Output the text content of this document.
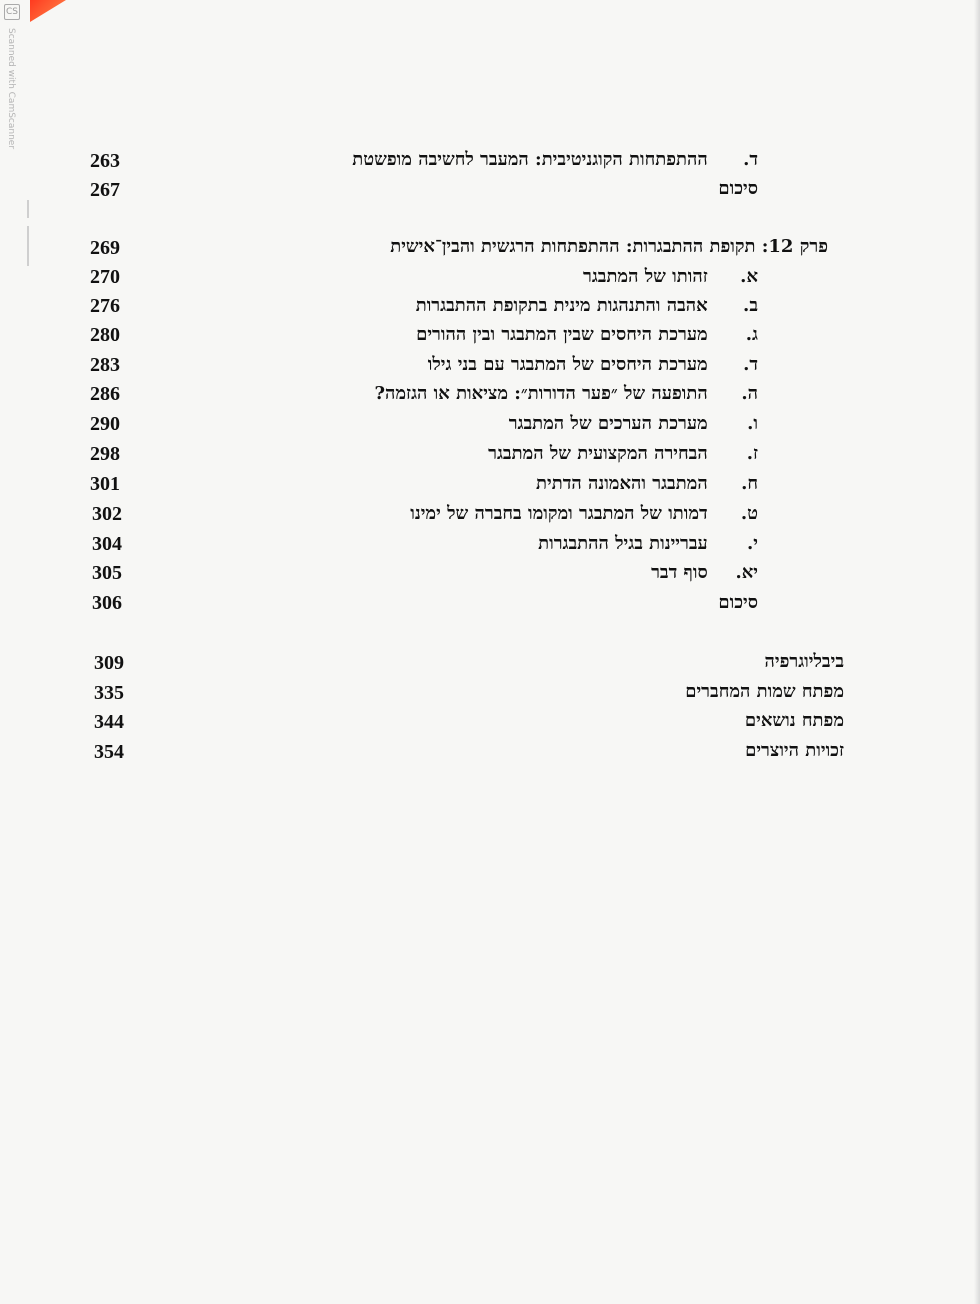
CS
Scanned with CamScanner
ד. ההתפתחות הקוגניטיבית: המעבר לחשיבה מופשטת
263
סיכום
267
פרק 12: תקופת ההתבגרות: ההתפתחות הרגשית והבין־אישית
269
א. זהותו של המתבגר
270
ב. אהבה והתנהגות מינית בתקופת ההתבגרות
276
ג. מערכת היחסים שבין המתבגר ובין ההורים
280
ד. מערכת היחסים של המתבגר עם בני גילו
283
ה. התופעה של ״פער הדורות״: מציאות או הגזמה?
286
ו. מערכת הערכים של המתבגר
290
ז. הבחירה המקצועית של המתבגר
298
ח. המתבגר והאמונה הדתית
301
ט. דמותו של המתבגר ומקומו בחברה של ימינו
302
י. עבריינות בגיל ההתבגרות
304
יא. סוף דבר
305
סיכום
306
ביבליוגרפיה
309
מפתח שמות המחברים
335
מפתח נושאים
344
זכויות היוצרים
354
